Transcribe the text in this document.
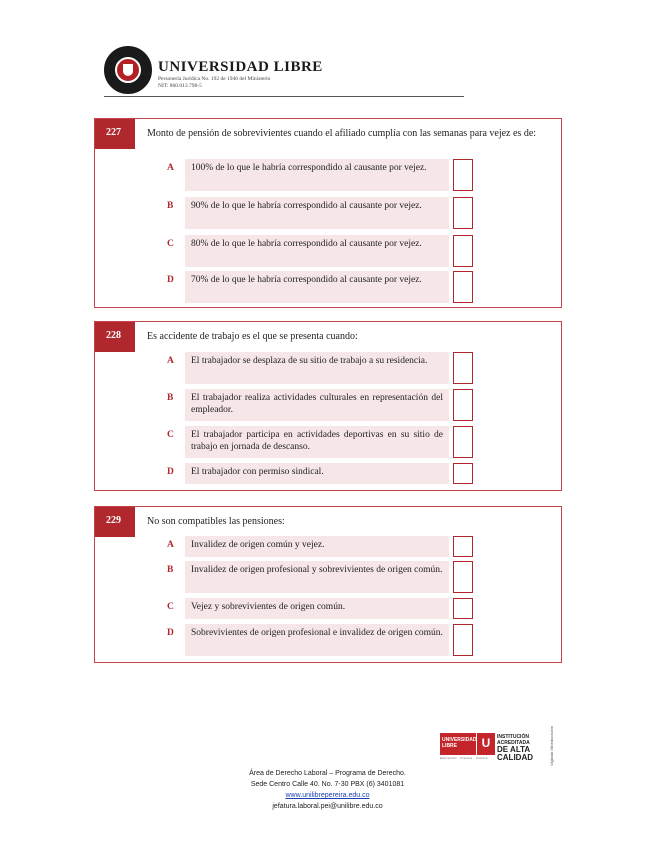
UNIVERSIDAD LIBRE
Personería Jurídica No. 192 de 1946 del Ministerio
NIT: 860.013.798-5
227	Monto de pensión de sobrevivientes cuando el afiliado cumplía con las semanas para vejez es de:
A	100% de lo que le habría correspondido al causante por vejez.
B	90% de lo que le habría correspondido al causante por vejez.
C	80% de lo que le habría correspondido al causante por vejez.
D	70% de lo que le habría correspondido al causante por vejez.
228	Es accidente de trabajo es el que se presenta cuando:
A	El trabajador se desplaza de su sitio de trabajo a su residencia.
B	El trabajador realiza actividades culturales en representación del empleador.
C	El trabajador participa en actividades deportivas en su sitio de trabajo en jornada de descanso.
D	El trabajador con permiso sindical.
229	No son compatibles las pensiones:
A	Invalidez de origen común y vejez.
B	Invalidez de origen profesional y sobrevivientes de origen común.
C	Vejez y sobrevivientes de origen común.
D	Sobrevivientes de origen profesional e invalidez de origen común.
UNIVERSIDAD LIBRE	U	INSTITUCIÓN ACREDITADA
DE ALTA CALIDAD
Educación · Ciencia · Cultura	Vigilada Mineducación
Área de Derecho Laboral – Programa de Derecho.
Sede Centro Calle 40. No. 7-30 PBX (6) 3401081
www.unilibrepereira.edu.co
jefatura.laboral.pei@unilibre.edu.co
